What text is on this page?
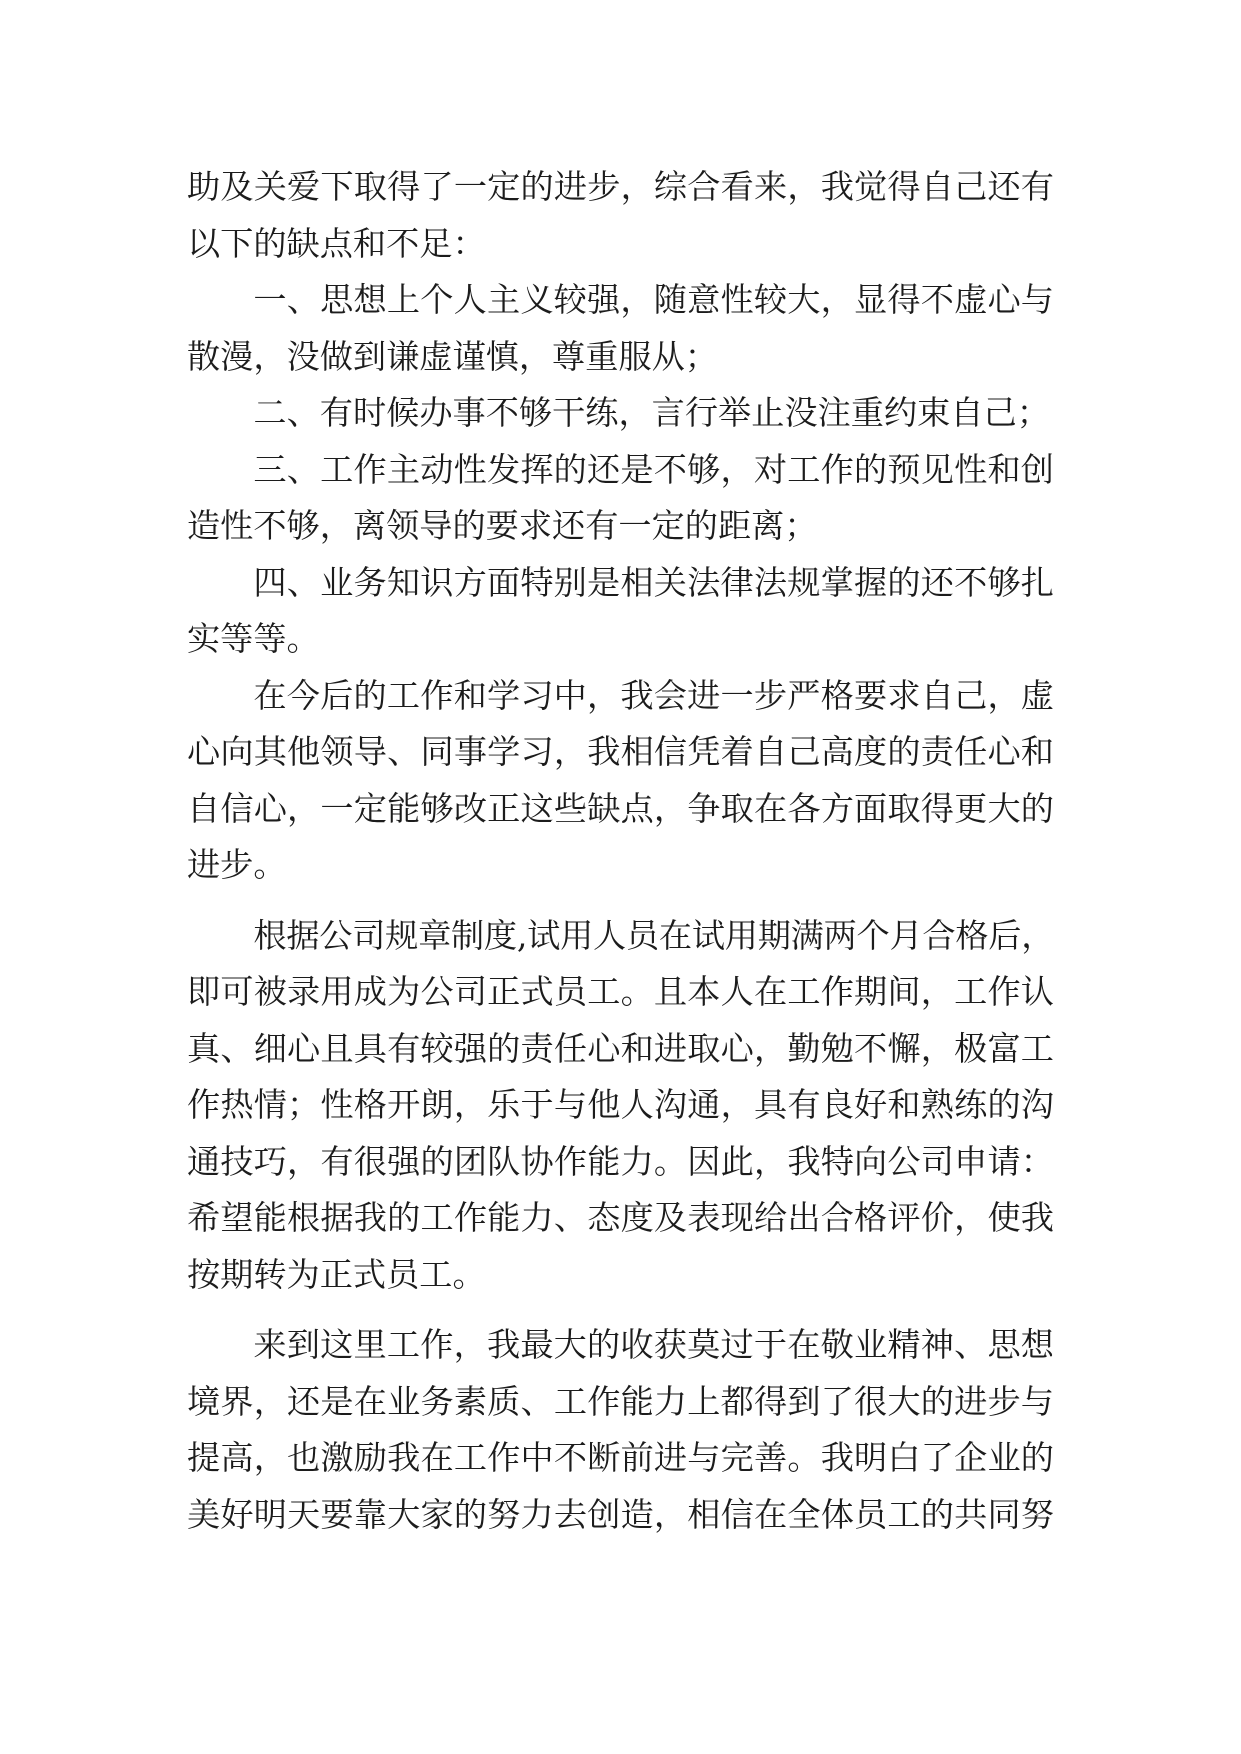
助及关爱下取得了一定的进步，综合看来，我觉得自己还有
以下的缺点和不足：
一、思想上个人主义较强，随意性较大，显得不虚心与
散漫，没做到谦虚谨慎，尊重服从；
二、有时候办事不够干练，言行举止没注重约束自己；
三、工作主动性发挥的还是不够，对工作的预见性和创
造性不够，离领导的要求还有一定的距离；
四、业务知识方面特别是相关法律法规掌握的还不够扎
实等等。
在今后的工作和学习中，我会进一步严格要求自己，虚
心向其他领导、同事学习，我相信凭着自己高度的责任心和
自信心，一定能够改正这些缺点，争取在各方面取得更大的
进步。
根据公司规章制度,试用人员在试用期满两个月合格后，
即可被录用成为公司正式员工。且本人在工作期间，工作认
真、细心且具有较强的责任心和进取心，勤勉不懈，极富工
作热情；性格开朗，乐于与他人沟通，具有良好和熟练的沟
通技巧，有很强的团队协作能力。因此，我特向公司申请：
希望能根据我的工作能力、态度及表现给出合格评价，使我
按期转为正式员工。
来到这里工作，我最大的收获莫过于在敬业精神、思想
境界，还是在业务素质、工作能力上都得到了很大的进步与
提高，也激励我在工作中不断前进与完善。我明白了企业的
美好明天要靠大家的努力去创造，相信在全体员工的共同努
